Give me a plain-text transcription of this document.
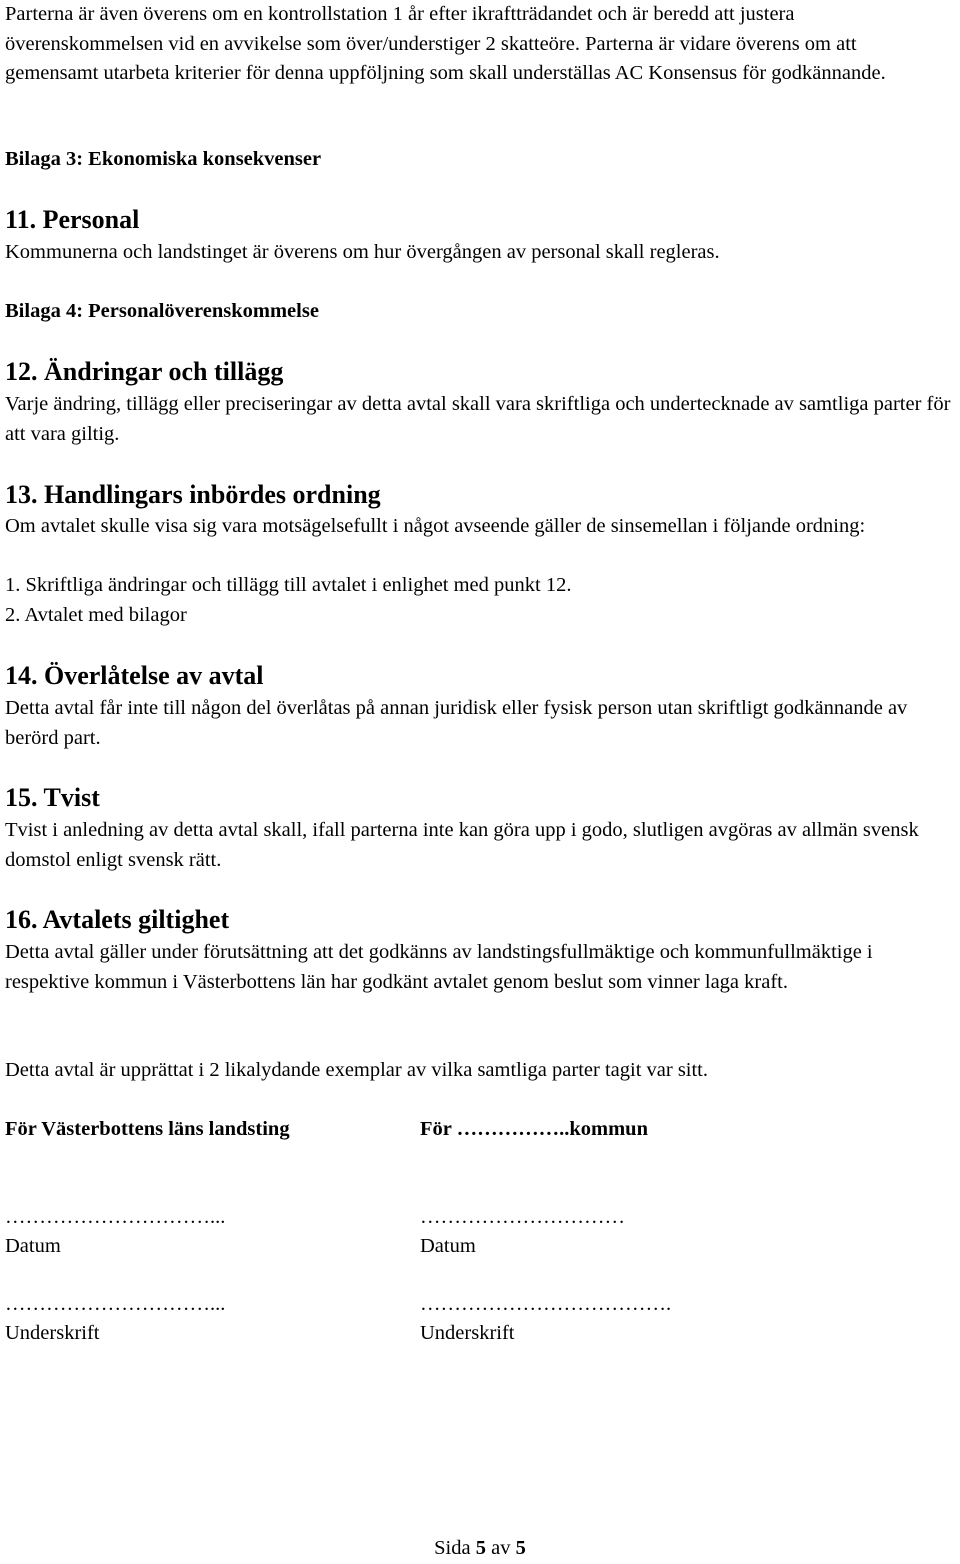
Parterna är även överens om en kontrollstation 1 år efter ikraftträdandet och är beredd att justera överenskommelsen vid en avvikelse som över/understiger 2 skatteöre. Parterna är vidare överens om att gemensamt utarbeta kriterier för denna uppföljning som skall underställas AC Konsensus för godkännande.

Bilaga 3: Ekonomiska konsekvenser
11. Personal

Kommunerna och landstinget är överens om hur övergången av personal skall regleras.

Bilaga 4: Personalöverenskommelse
12. Ändringar och tillägg

Varje ändring, tillägg eller preciseringar av detta avtal skall vara skriftliga och undertecknade av samtliga parter för att vara giltig.

13. Handlingars inbördes ordning

Om avtalet skulle visa sig vara motsägelsefullt i något avseende gäller de sinsemellan i följande ordning:

1. Skriftliga ändringar och tillägg till avtalet i enlighet med punkt 12.

2. Avtalet med bilagor

14. Överlåtelse av avtal

Detta avtal får inte till någon del överlåtas på annan juridisk eller fysisk person utan skriftligt godkännande av berörd part.

15. Tvist

Tvist i anledning av detta avtal skall, ifall parterna inte kan göra upp i godo, slutligen avgöras av allmän svensk domstol enligt svensk rätt.

16. Avtalets giltighet

Detta avtal gäller under förutsättning att det godkänns av landstingsfullmäktige och kommunfullmäktige i respektive kommun i Västerbottens län har godkänt avtalet genom beslut som vinner laga kraft.

Detta avtal är upprättat i 2 likalydande exemplar av vilka samtliga parter tagit var sitt.

För Västerbottens läns landsting
…………………………...
Datum
…………………………...
Underskrift
För ……………..kommun
…………………………
Datum
……………………………….
Underskrift
Sida 5 av 5
